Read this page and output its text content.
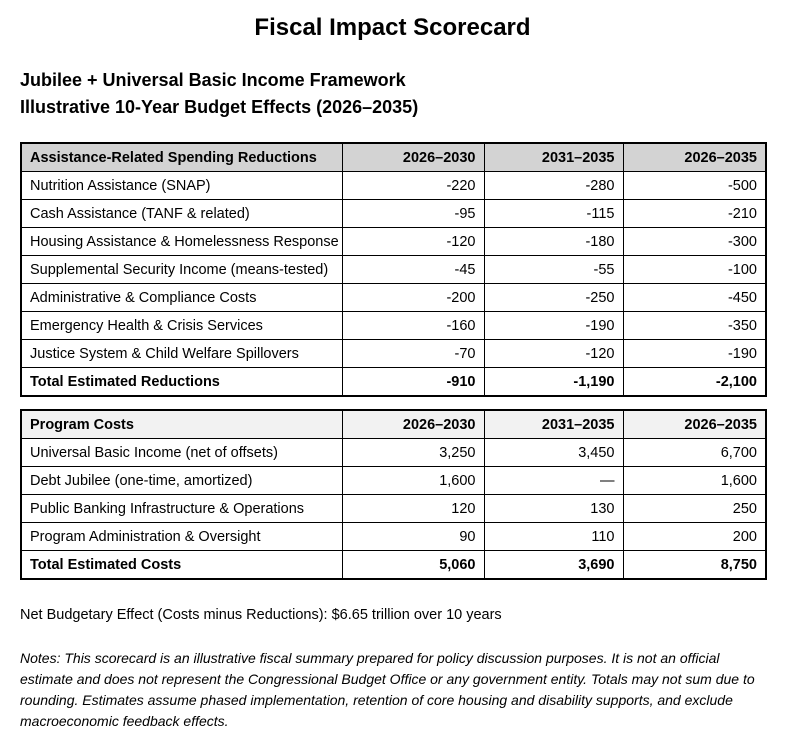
Fiscal Impact Scorecard
Jubilee + Universal Basic Income Framework
Illustrative 10-Year Budget Effects (2026–2035)
Assistance-Related Spending Reductions	2026–2030	2031–2035	2026–2035
Nutrition Assistance (SNAP)	-220	-280	-500
Cash Assistance (TANF & related)	-95	-115	-210
Housing Assistance & Homelessness Response	-120	-180	-300
Supplemental Security Income (means-tested)	-45	-55	-100
Administrative & Compliance Costs	-200	-250	-450
Emergency Health & Crisis Services	-160	-190	-350
Justice System & Child Welfare Spillovers	-70	-120	-190
Total Estimated Reductions	-910	-1,190	-2,100
Program Costs	2026–2030	2031–2035	2026–2035
Universal Basic Income (net of offsets)	3,250	3,450	6,700
Debt Jubilee (one-time, amortized)	1,600	—	1,600
Public Banking Infrastructure & Operations	120	130	250
Program Administration & Oversight	90	110	200
Total Estimated Costs	5,060	3,690	8,750
Net Budgetary Effect (Costs minus Reductions): $6.65 trillion over 10 years
Notes: This scorecard is an illustrative fiscal summary prepared for policy discussion purposes. It is not an official estimate and does not represent the Congressional Budget Office or any government entity. Totals may not sum due to rounding. Estimates assume phased implementation, retention of core housing and disability supports, and exclude macroeconomic feedback effects.
